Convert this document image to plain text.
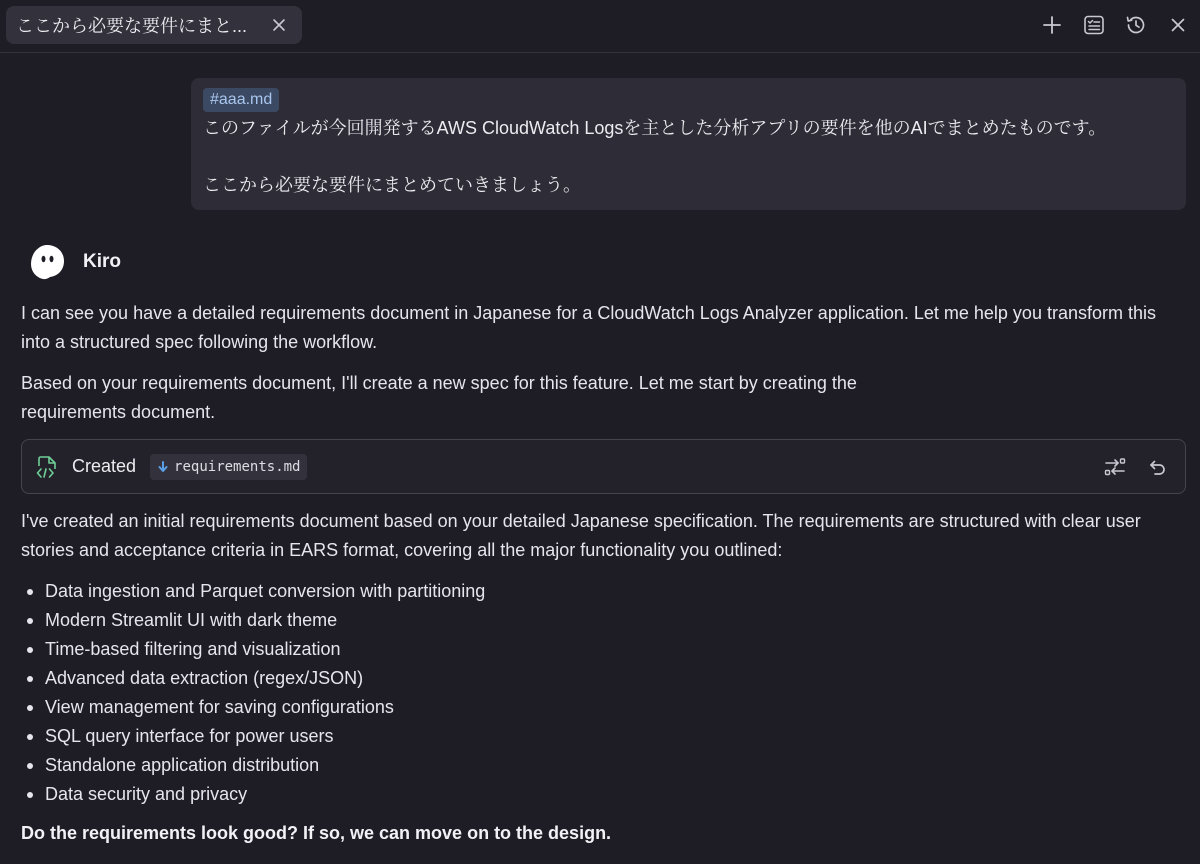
ここから必要な要件にまと...
#aaa.md
このファイルが今回開発するAWS CloudWatch Logsを主とした分析アプリの要件を他のAIでまとめたものです。
ここから必要な要件にまとめていきましょう。
Kiro

I can see you have a detailed requirements document in Japanese for a CloudWatch Logs Analyzer application. Let me help you transform this into a structured spec following the workflow.

Based on your requirements document, I'll create a new spec for this feature. Let me start by creating the
requirements document.

Created	requirements.md

I've created an initial requirements document based on your detailed Japanese specification. The requirements are structured with clear user stories and acceptance criteria in EARS format, covering all the major functionality you outlined:

Data ingestion and Parquet conversion with partitioning
Modern Streamlit UI with dark theme
Time-based filtering and visualization
Advanced data extraction (regex/JSON)
View management for saving configurations
SQL query interface for power users
Standalone application distribution
Data security and privacy

Do the requirements look good? If so, we can move on to the design.
